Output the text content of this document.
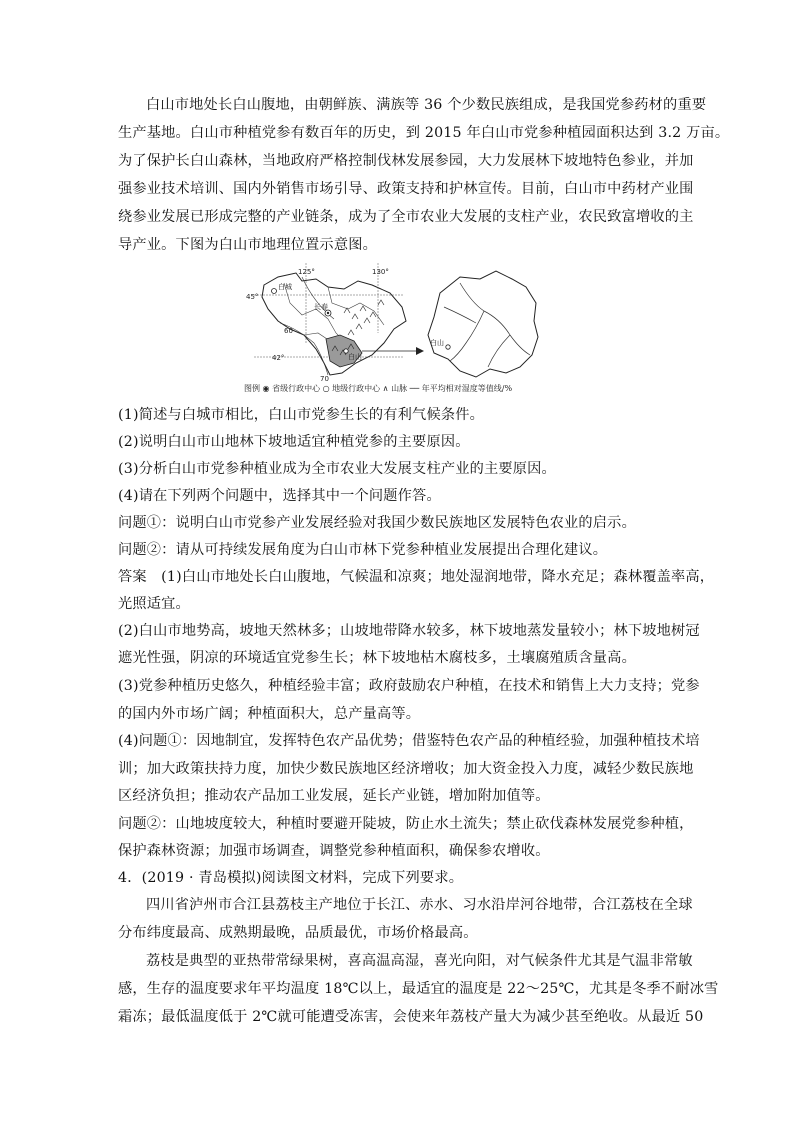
白山市地处长白山腹地，由朝鲜族、满族等 36 个少数民族组成，是我国党参药材的重要
生产基地。白山市种植党参有数百年的历史，到 2015 年白山市党参种植园面积达到 3.2 万亩。
为了保护长白山森林，当地政府严格控制伐林发展参园，大力发展林下坡地特色参业，并加
强参业技术培训、国内外销售市场引导、政策支持和护林宣传。目前，白山市中药材产业围
绕参业发展已形成完整的产业链条，成为了全市农业大发展的支柱产业，农民致富增收的主
导产业。下图为白山市地理位置示意图。
125°	130°
45°
42°
60
70
白城
长春
白山
白山
图例 ◉ 省级行政中心 ○ 地级行政中心 ∧ 山脉 ── 年平均相对湿度等值线/%
(1)简述与白城市相比，白山市党参生长的有利气候条件。
(2)说明白山市山地林下坡地适宜种植党参的主要原因。
(3)分析白山市党参种植业成为全市农业大发展支柱产业的主要原因。
(4)请在下列两个问题中，选择其中一个问题作答。
问题①：说明白山市党参产业发展经验对我国少数民族地区发展特色农业的启示。
问题②：请从可持续发展角度为白山市林下党参种植业发展提出合理化建议。
答案　(1)白山市地处长白山腹地，气候温和凉爽；地处湿润地带，降水充足；森林覆盖率高，
光照适宜。
(2)白山市地势高，坡地天然林多；山坡地带降水较多，林下坡地蒸发量较小；林下坡地树冠
遮光性强，阴凉的环境适宜党参生长；林下坡地枯木腐枝多，土壤腐殖质含量高。
(3)党参种植历史悠久，种植经验丰富；政府鼓励农户种植，在技术和销售上大力支持；党参
的国内外市场广阔；种植面积大，总产量高等。
(4)问题①：因地制宜，发挥特色农产品优势；借鉴特色农产品的种植经验，加强种植技术培
训；加大政策扶持力度，加快少数民族地区经济增收；加大资金投入力度，减轻少数民族地
区经济负担；推动农产品加工业发展，延长产业链，增加附加值等。
问题②：山地坡度较大，种植时要避开陡坡，防止水土流失；禁止砍伐森林发展党参种植，
保护森林资源；加强市场调查，调整党参种植面积，确保参农增收。
4．(2019 · 青岛模拟)阅读图文材料，完成下列要求。
四川省泸州市合江县荔枝主产地位于长江、赤水、习水沿岸河谷地带，合江荔枝在全球
分布纬度最高、成熟期最晚，品质最优，市场价格最高。
荔枝是典型的亚热带常绿果树，喜高温高湿，喜光向阳，对气候条件尤其是气温非常敏
感，生存的温度要求年平均温度 18℃以上，最适宜的温度是 22～25℃，尤其是冬季不耐冰雪
霜冻；最低温度低于 2℃就可能遭受冻害，会使来年荔枝产量大为减少甚至绝收。从最近 50
